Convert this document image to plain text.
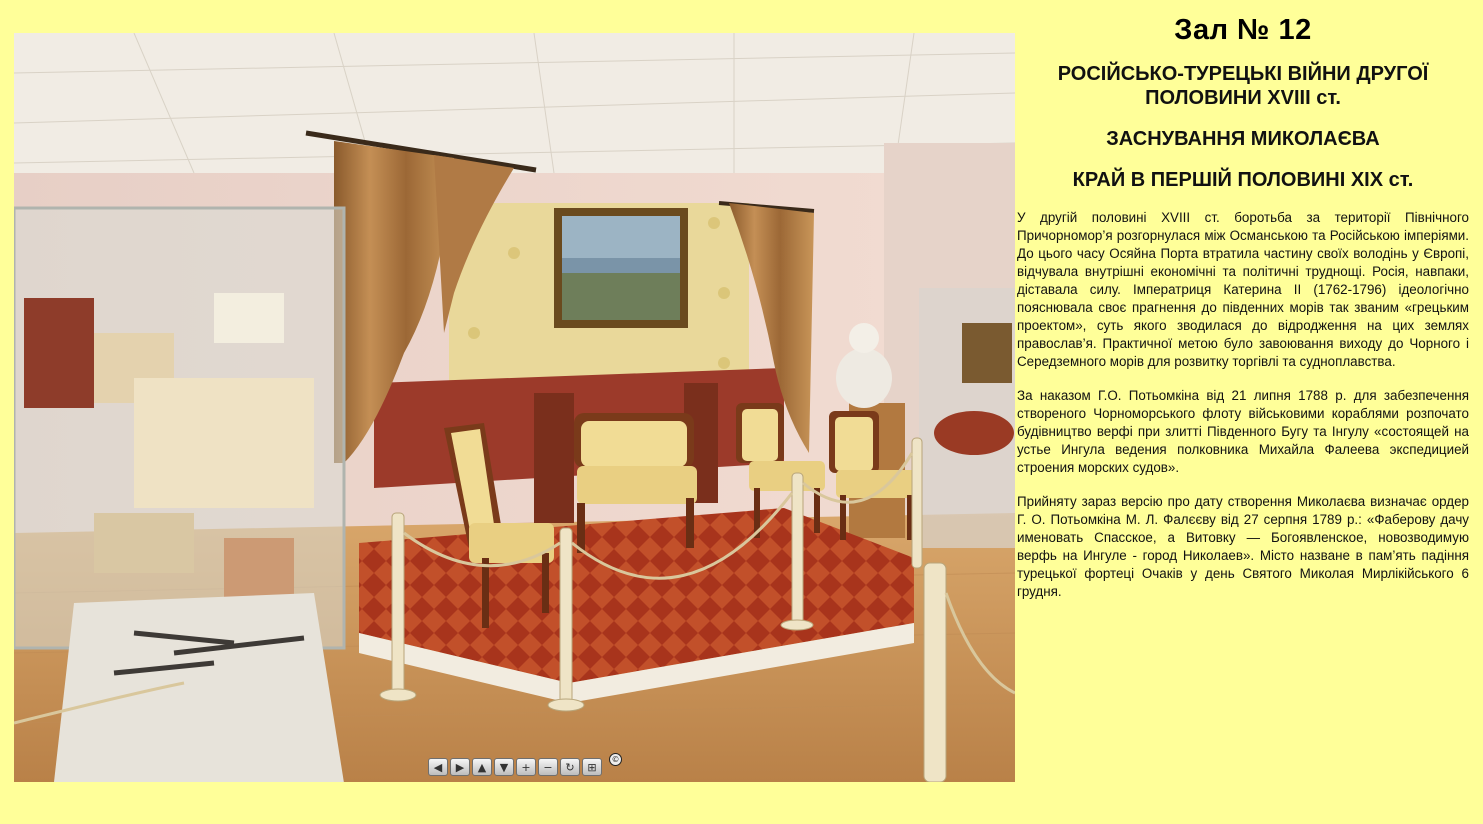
◀	▶	▲	▼	+	−	↻	⊞
©
Зал № 12
РОСІЙСЬКО-ТУРЕЦЬКІ ВІЙНИ ДРУГОЇ ПОЛОВИНИ XVIII ст.
ЗАСНУВАННЯ МИКОЛАЄВА
КРАЙ В ПЕРШІЙ ПОЛОВИНІ XIX ст.

У другій половині XVIII ст. боротьба за території Північного Причорномор’я розгорнулася між Османською та Російською імперіями. До цього часу Осяйна Порта втратила частину своїх володінь у Європі, відчувала внутрішні економічні та політичні труднощі. Росія, навпаки, діставала силу. Імператриця Катерина II (1762-1796) ідеологічно пояснювала своє прагнення до південних морів так званим «грецьким проектом», суть якого зводилася до відродження на цих землях православ’я. Практичної метою було завоювання виходу до Чорного і Середземного морів для розвитку торгівлі та судноплавства.

За наказом Г.О. Потьомкіна від 21 липня 1788 р. для забезпечення створеного Чорноморського флоту військовими кораблями розпочато будівництво верфі при злитті Південного Бугу та Інгулу «состоящей на устье Ингула ведения полковника Михайла Фалеева экспедицией строения морских судов».

Прийняту зараз версію про дату створення Миколаєва визначає ордер Г. О. Потьомкіна М. Л. Фалєєву від 27 серпня 1789 р.: «Фаберову дачу именовать Спасское, а Витовку — Богоявленское, новозводимую верфь на Ингуле - город Николаев». Місто назване в пам’ять падіння турецької фортеці Очаків у день Святого Миколая Мирлікійського 6 грудня.
